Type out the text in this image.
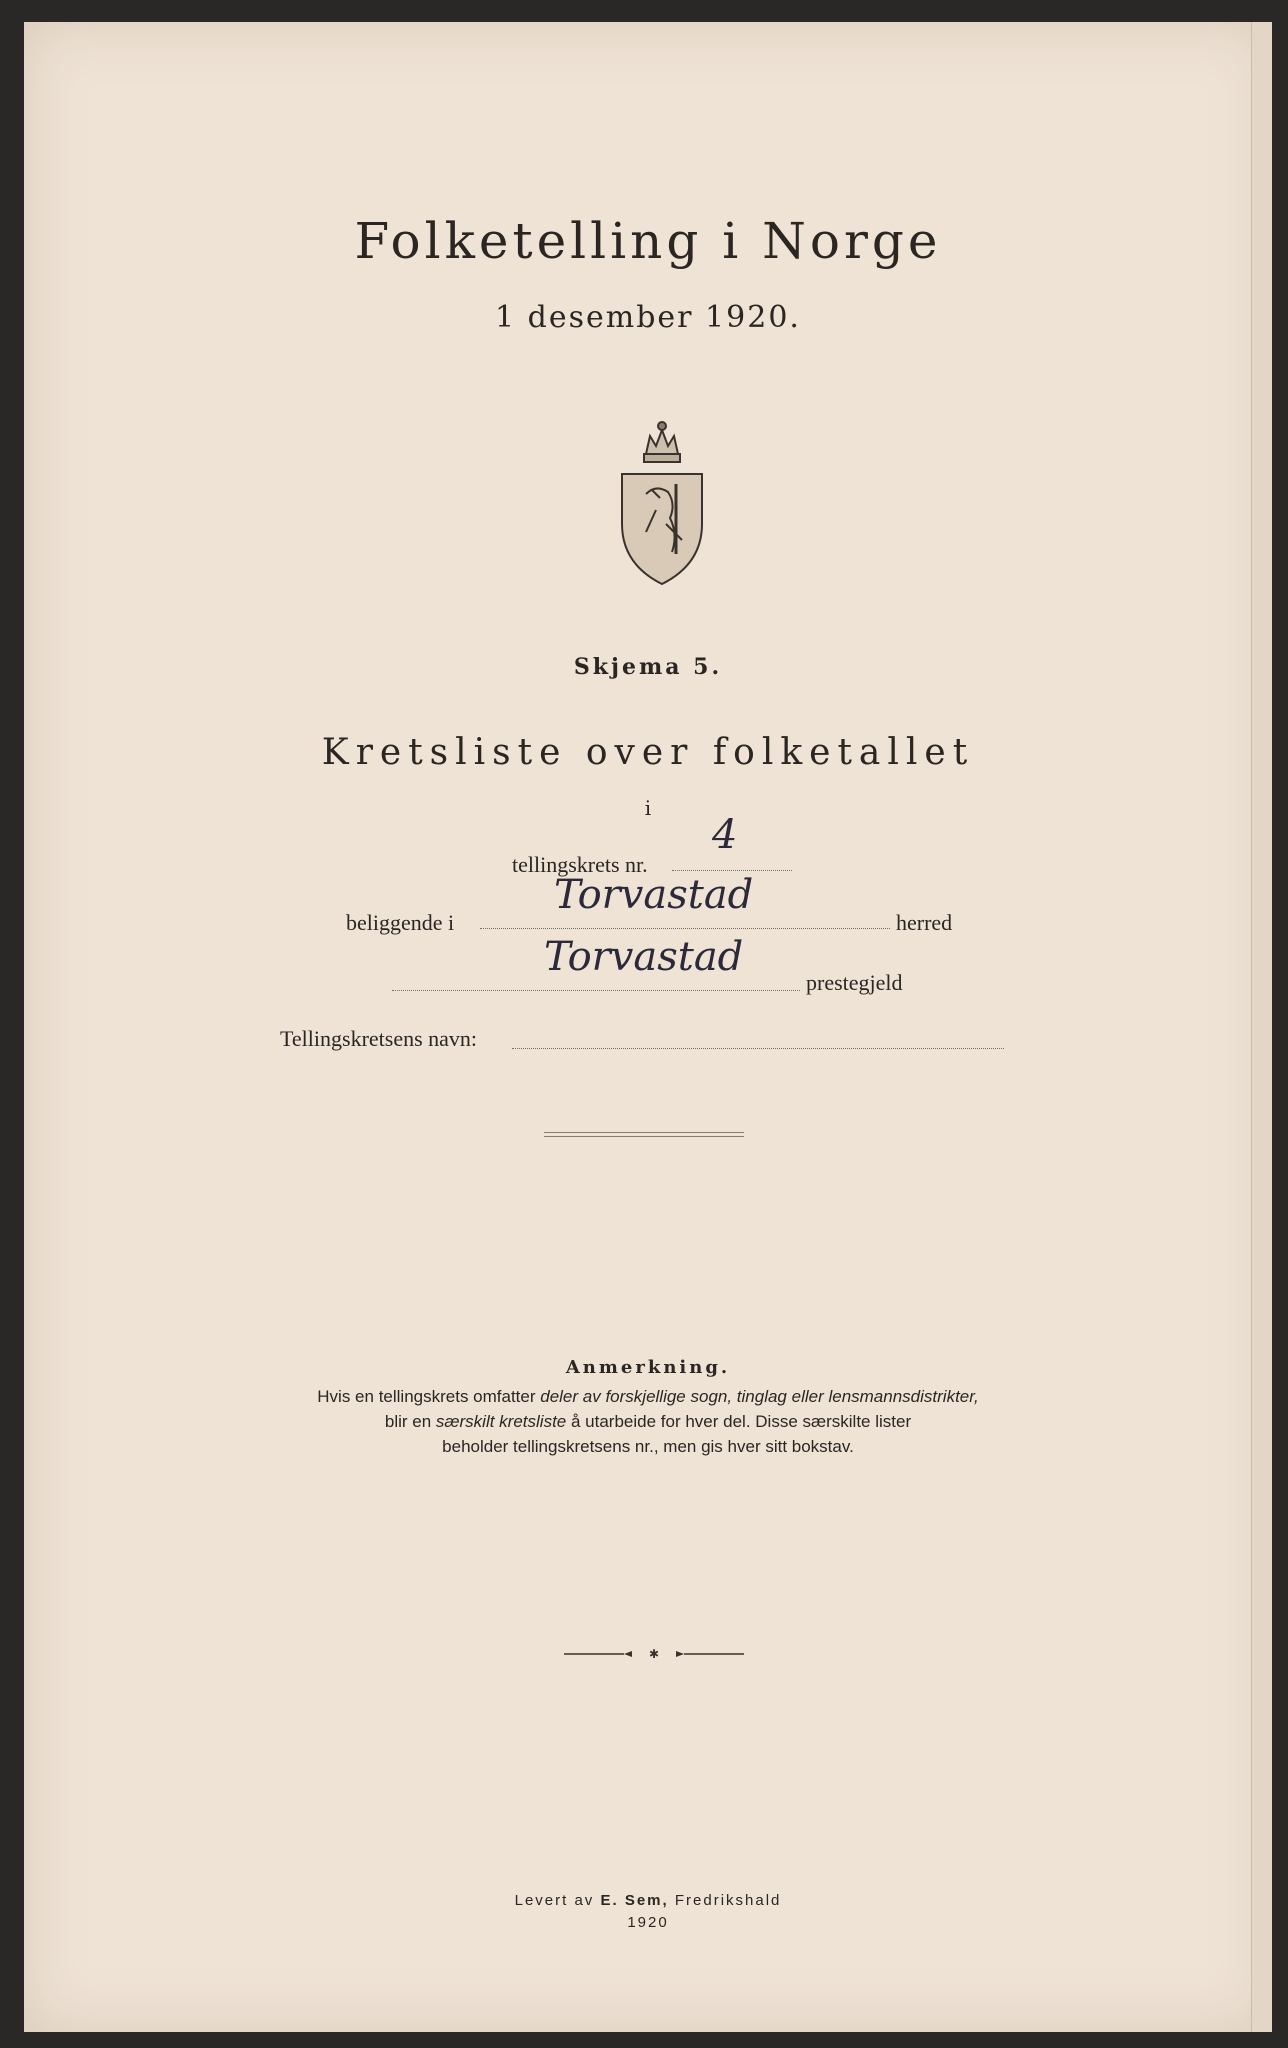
Folketelling i Norge
1 desember 1920.
Skjema 5.
Kretsliste over folketallet
i
tellingskrets nr.
4
beliggende i
Torvastad
herred
Torvastad
prestegjeld
Tellingskretsens navn:
Anmerkning.
Hvis en tellingskrets omfatter deler av forskjellige sogn, tinglag eller lensmannsdistrikter,
blir en særskilt kretsliste å utarbeide for hver del. Disse særskilte lister
beholder tellingskretsens nr., men gis hver sitt bokstav.
✱
Levert av E. Sem, Fredrikshald
1920
